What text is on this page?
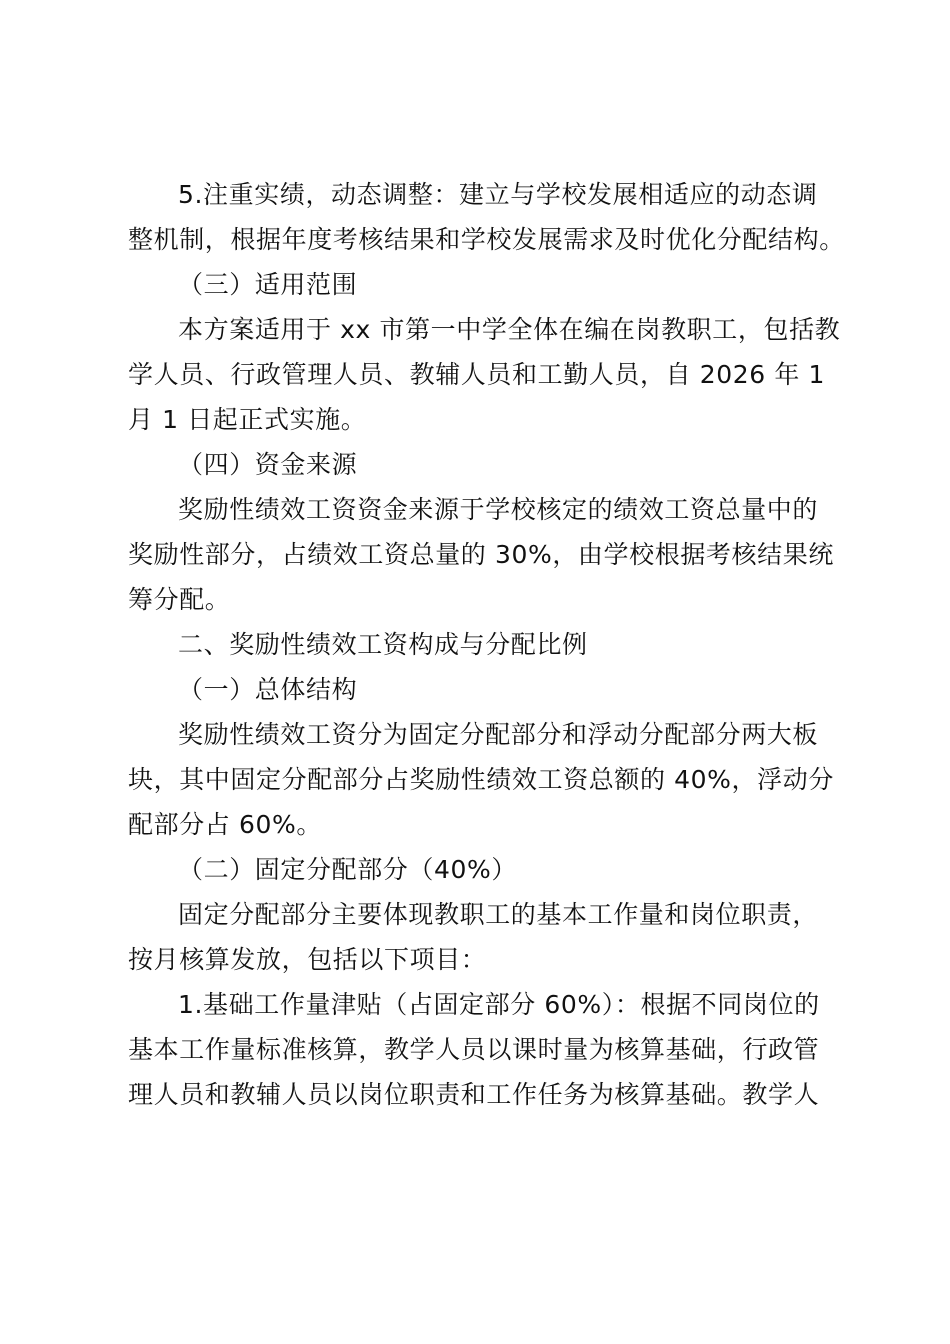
5.注重实绩，动态调整：建立与学校发展相适应的动态调
整机制，根据年度考核结果和学校发展需求及时优化分配结构。
（三）适用范围
本方案适用于 xx 市第一中学全体在编在岗教职工，包括教
学人员、行政管理人员、教辅人员和工勤人员，自 2026 年 1
月 1 日起正式实施。
（四）资金来源
奖励性绩效工资资金来源于学校核定的绩效工资总量中的
奖励性部分，占绩效工资总量的 30%，由学校根据考核结果统
筹分配。
二、奖励性绩效工资构成与分配比例
（一）总体结构
奖励性绩效工资分为固定分配部分和浮动分配部分两大板
块，其中固定分配部分占奖励性绩效工资总额的 40%，浮动分
配部分占 60%。
（二）固定分配部分（40%）
固定分配部分主要体现教职工的基本工作量和岗位职责，
按月核算发放，包括以下项目：
1.基础工作量津贴（占固定部分 60%）：根据不同岗位的
基本工作量标准核算，教学人员以课时量为核算基础，行政管
理人员和教辅人员以岗位职责和工作任务为核算基础。教学人
